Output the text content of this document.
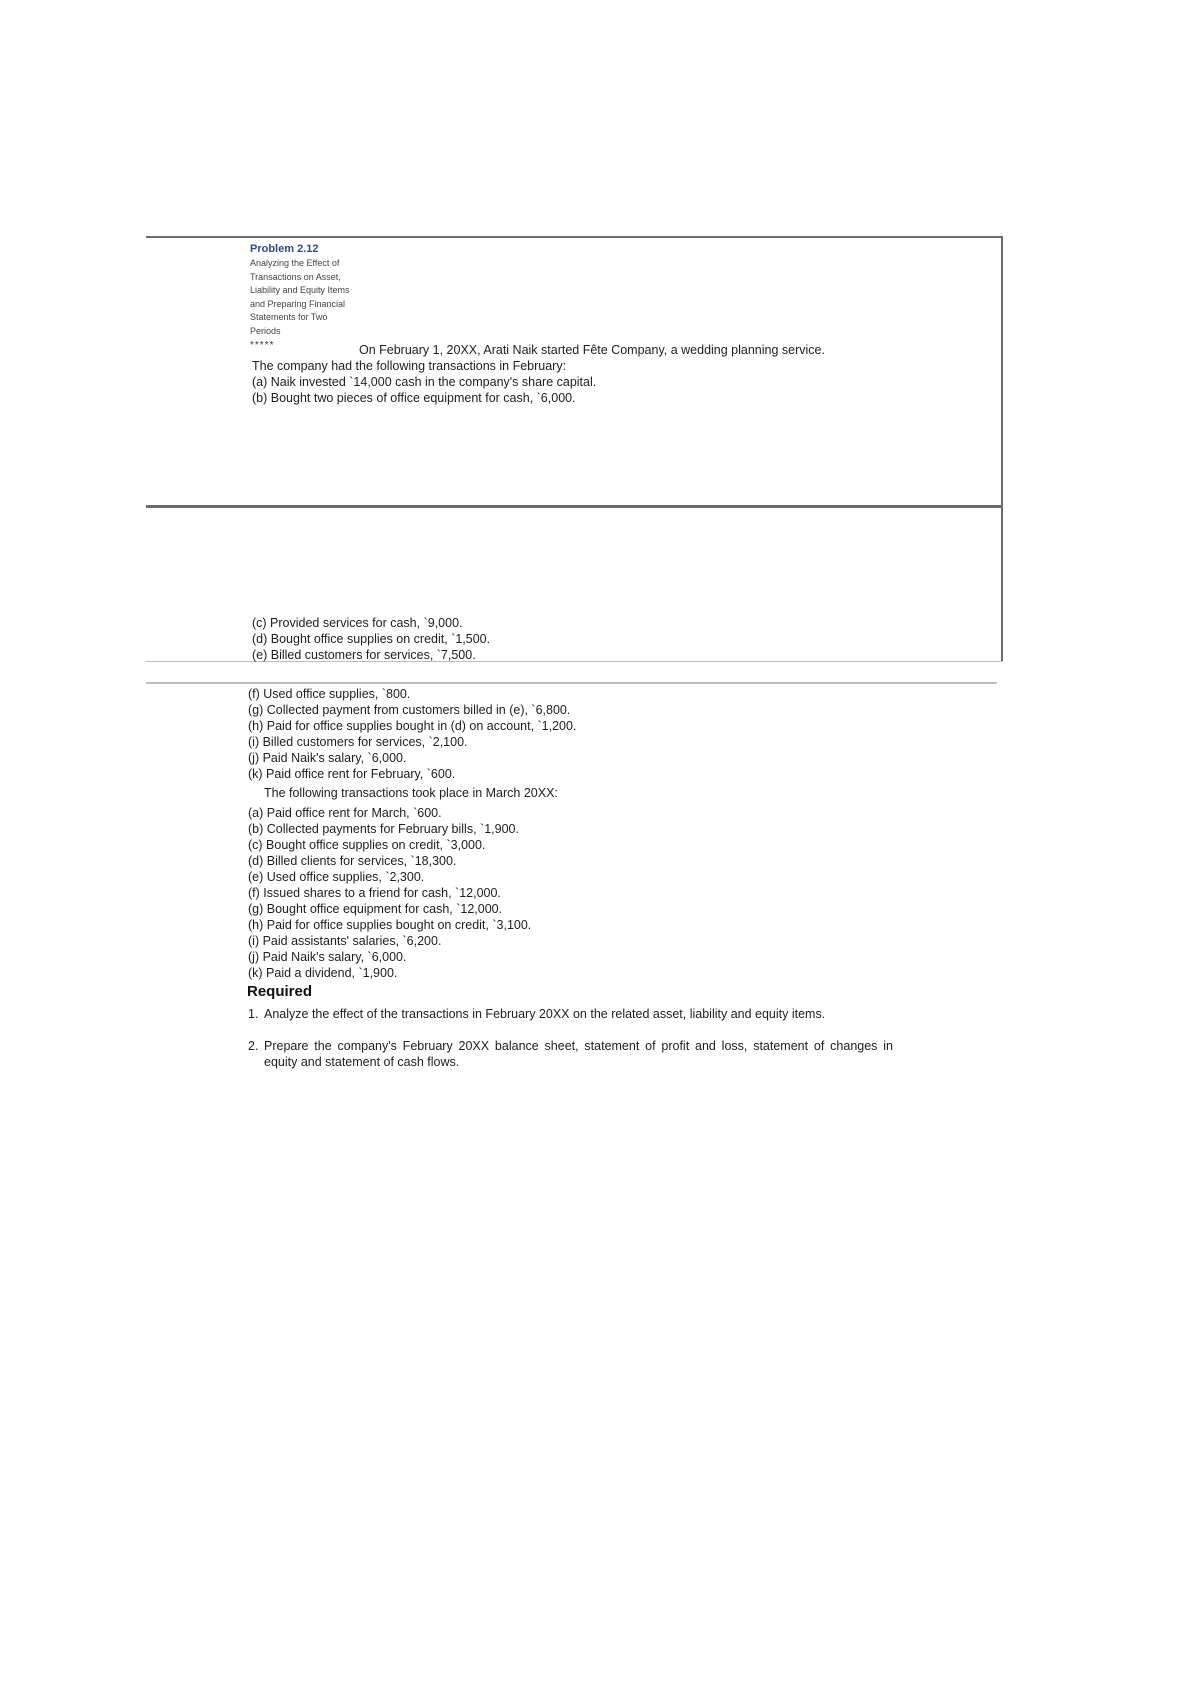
Problem 2.12
Analyzing the Effect of Transactions on Asset, Liability and Equity Items and Preparing Financial Statements for Two Periods
*****	On February 1, 20XX, Arati Naik started Fête Company, a wedding planning service.
The company had the following transactions in February:
(a) Naik invested `14,000 cash in the company's share capital.
(b) Bought two pieces of office equipment for cash, `6,000.
(c) Provided services for cash, `9,000.
(d) Bought office supplies on credit, `1,500.
(e) Billed customers for services, `7,500.
(f) Used office supplies, `800.
(g) Collected payment from customers billed in (e), `6,800.
(h) Paid for office supplies bought in (d) on account, `1,200.
(i) Billed customers for services, `2,100.
(j) Paid Naik's salary, `6,000.
(k) Paid office rent for February, `600.
The following transactions took place in March 20XX:
(a) Paid office rent for March, `600.
(b) Collected payments for February bills, `1,900.
(c) Bought office supplies on credit, `3,000.
(d) Billed clients for services, `18,300.
(e) Used office supplies, `2,300.
(f) Issued shares to a friend for cash, `12,000.
(g) Bought office equipment for cash, `12,000.
(h) Paid for office supplies bought on credit, `3,100.
(i) Paid assistants' salaries, `6,200.
(j) Paid Naik's salary, `6,000.
(k) Paid a dividend, `1,900.
Required
1. Analyze the effect of the transactions in February 20XX on the related asset, liability and equity items.
2. Prepare the company's February 20XX balance sheet, statement of profit and loss, statement of changes in equity and statement of cash flows.
